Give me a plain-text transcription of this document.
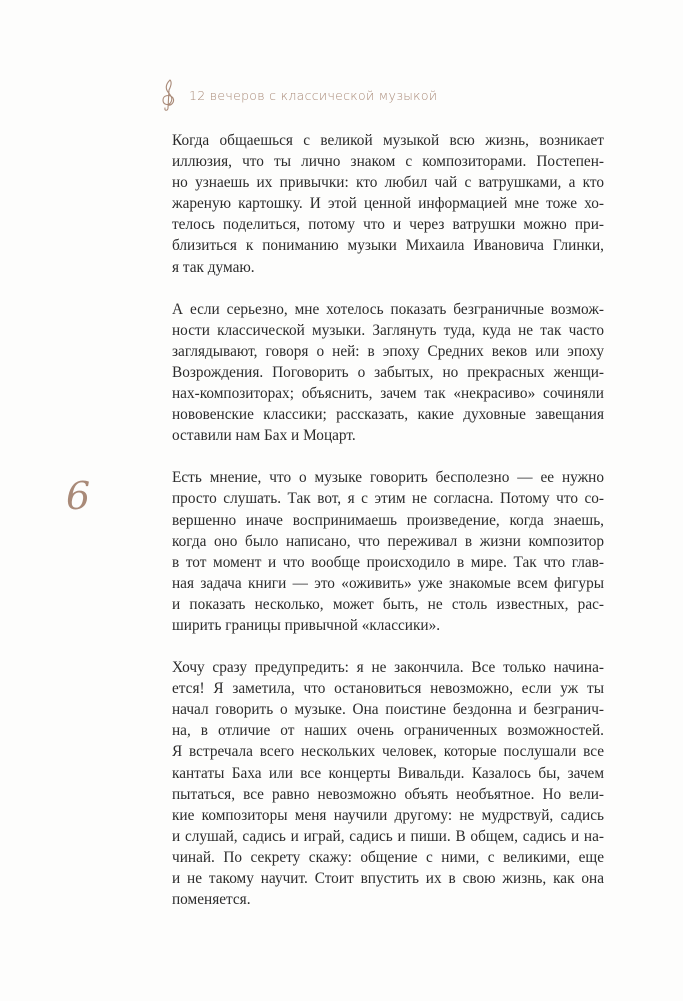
12 вечеров с классической музыкой
6

Когда общаешься с великой музыкой всю жизнь, возникает
иллюзия, что ты лично знаком с композиторами. Постепен-
но узнаешь их привычки: кто любил чай с ватрушками, а кто
жареную картошку. И этой ценной информацией мне тоже хо-
телось поделиться, потому что и через ватрушки можно при-
близиться к пониманию музыки Михаила Ивановича Глинки,
я так думаю.

А если серьезно, мне хотелось показать безграничные возмож-
ности классической музыки. Заглянуть туда, куда не так часто
заглядывают, говоря о ней: в эпоху Средних веков или эпоху
Возрождения. Поговорить о забытых, но прекрасных женщи-
нах-композиторах; объяснить, зачем так «некрасиво» сочиняли
нововенские классики; рассказать, какие духовные завещания
оставили нам Бах и Моцарт.

Есть мнение, что о музыке говорить бесполезно — ее нужно
просто слушать. Так вот, я с этим не согласна. Потому что со-
вершенно иначе воспринимаешь произведение, когда знаешь,
когда оно было написано, что переживал в жизни композитор
в тот момент и что вообще происходило в мире. Так что глав-
ная задача книги — это «оживить» уже знакомые всем фигуры
и показать несколько, может быть, не столь известных, рас-
ширить границы привычной «классики».

Хочу сразу предупредить: я не закончила. Все только начина-
ется! Я заметила, что остановиться невозможно, если уж ты
начал говорить о музыке. Она поистине бездонна и безгранич-
на, в отличие от наших очень ограниченных возможностей.
Я встречала всего нескольких человек, которые послушали все
кантаты Баха или все концерты Вивальди. Казалось бы, зачем
пытаться, все равно невозможно объять необъятное. Но вели-
кие композиторы меня научили другому: не мудрствуй, садись
и слушай, садись и играй, садись и пиши. В общем, садись и на-
чинай. По секрету скажу: общение с ними, с великими, еще
и не такому научит. Стоит впустить их в свою жизнь, как она
поменяется.
